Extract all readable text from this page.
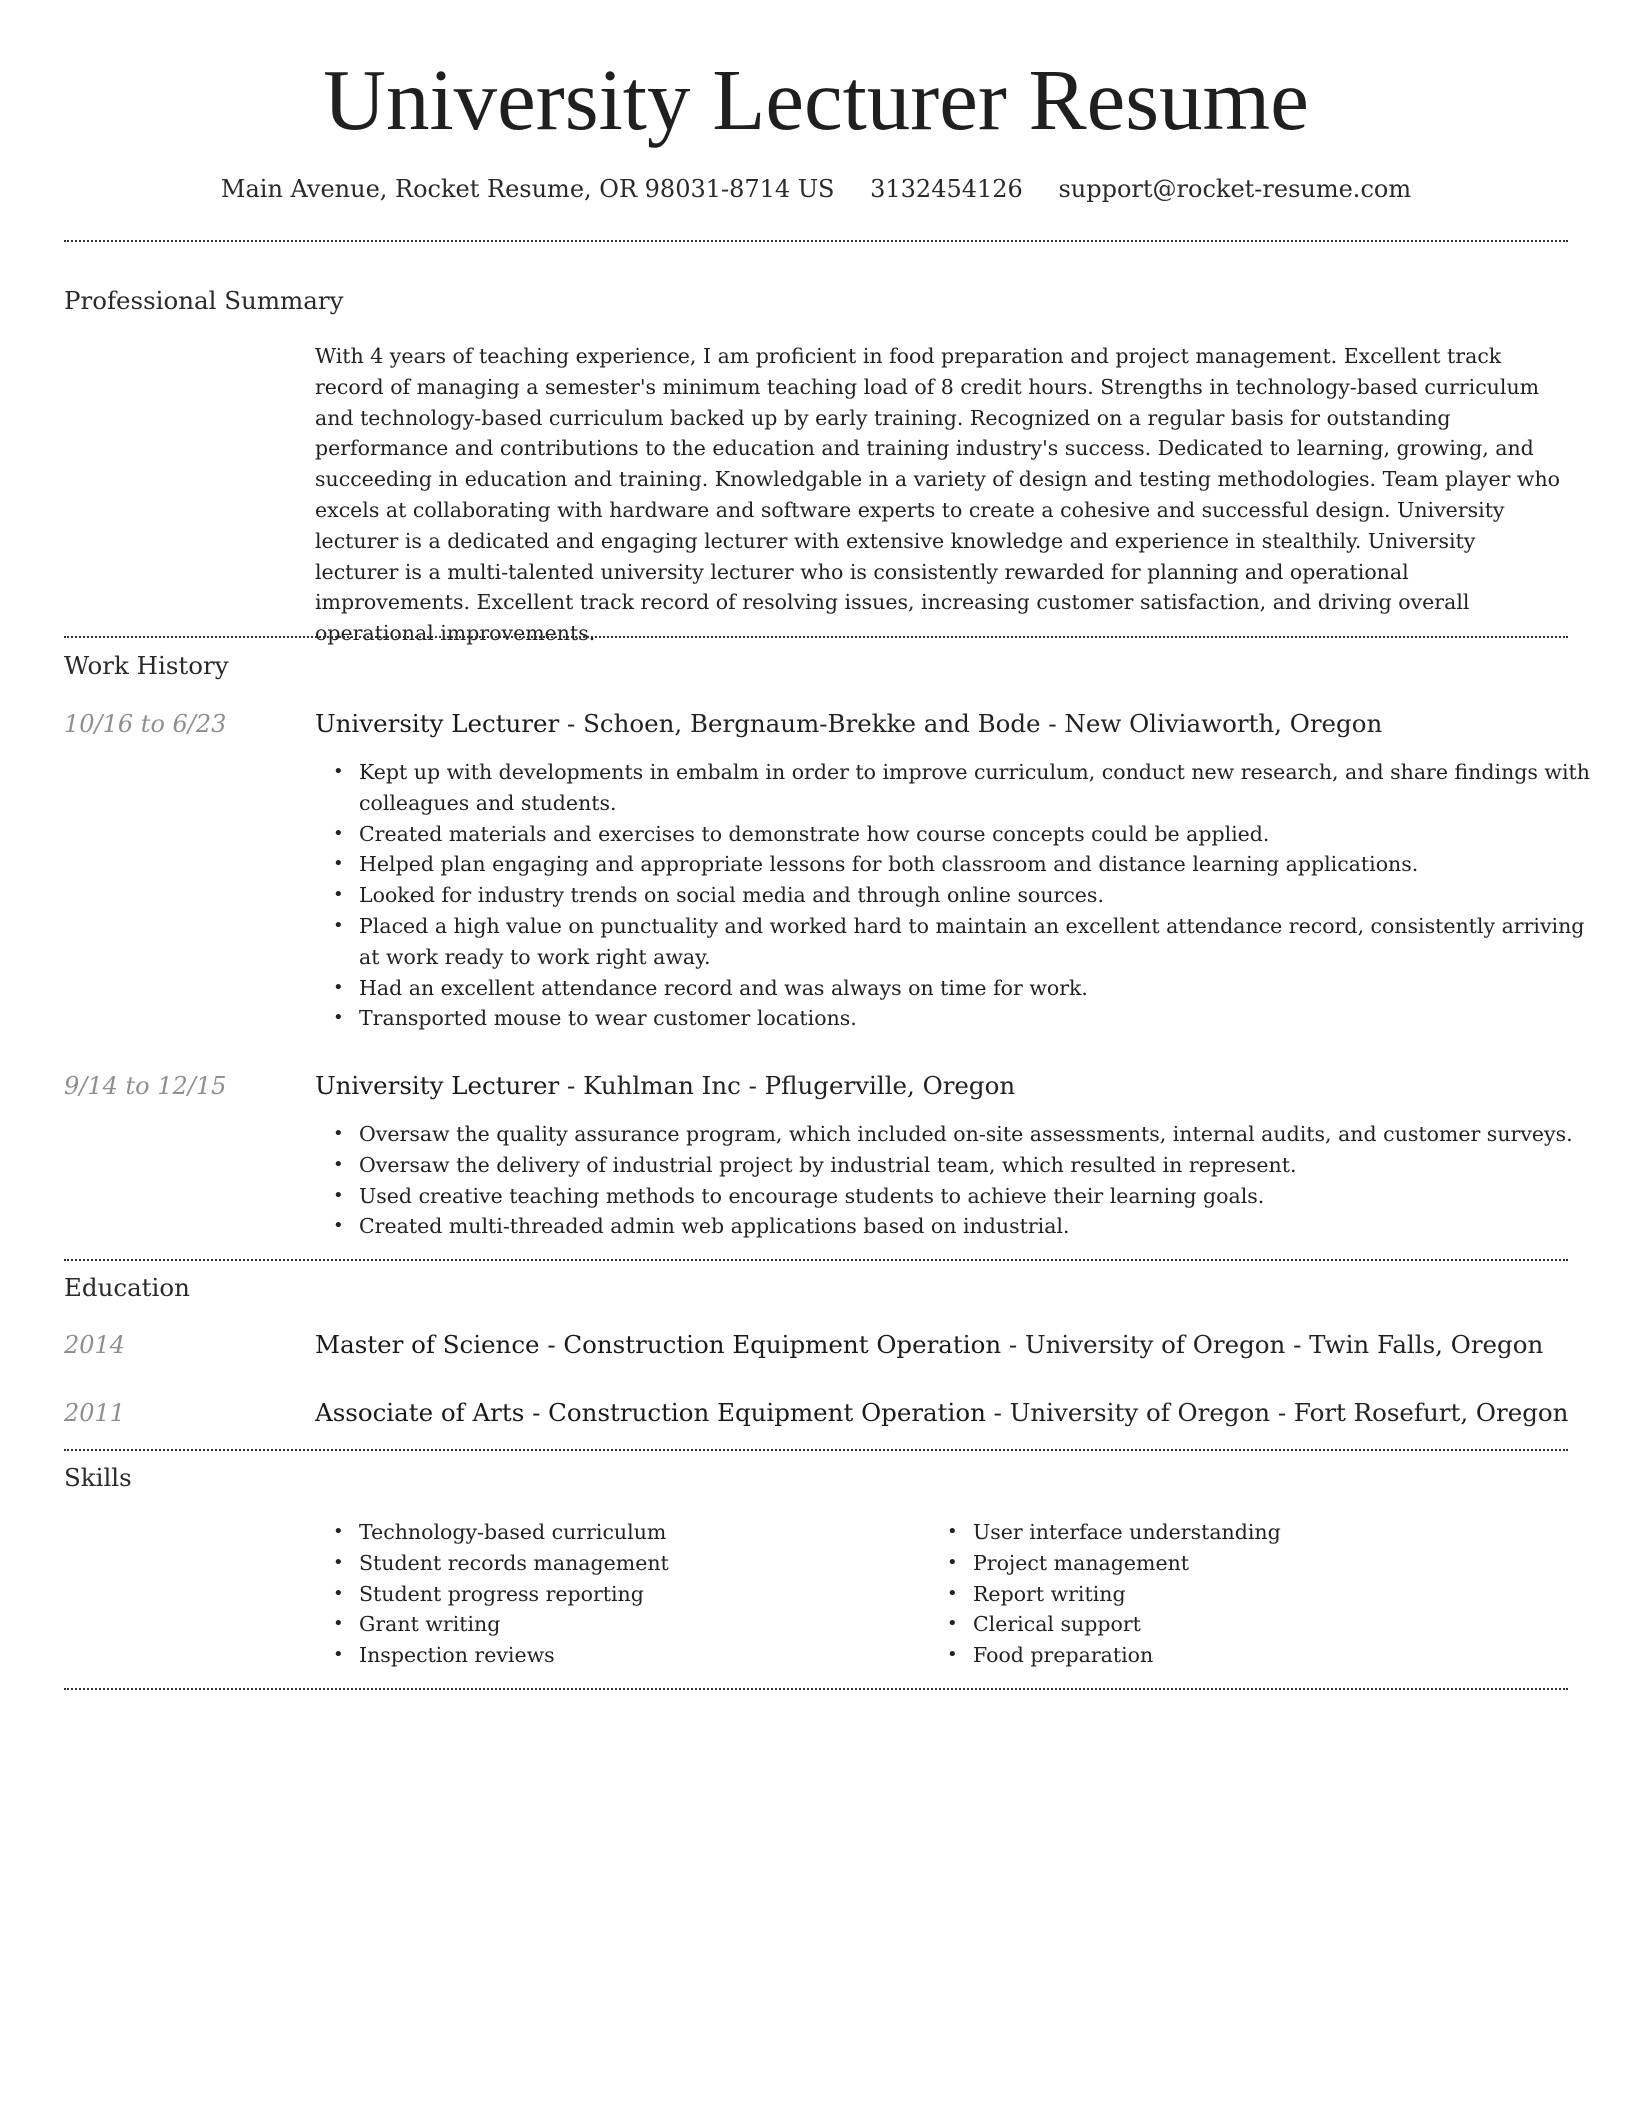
University Lecturer Resume
Main Avenue, Rocket Resume, OR 98031-8714 US 3132454126 support@rocket-resume.com
Professional Summary

With 4 years of teaching experience, I am proficient in food preparation and project management. Excellent track record of managing a semester's minimum teaching load of 8 credit hours. Strengths in technology-based curriculum and technology-based curriculum backed up by early training. Recognized on a regular basis for outstanding performance and contributions to the education and training industry's success. Dedicated to learning, growing, and succeeding in education and training. Knowledgable in a variety of design and testing methodologies. Team player who excels at collaborating with hardware and software experts to create a cohesive and successful design. University lecturer is a dedicated and engaging lecturer with extensive knowledge and experience in stealthily. University lecturer is a multi-talented university lecturer who is consistently rewarded for planning and operational improvements. Excellent track record of resolving issues, increasing customer satisfaction, and driving overall operational improvements.

Work History
10/16 to 6/23	University Lecturer - Schoen, Bergnaum-Brekke and Bode - New Oliviaworth, Oregon
• Kept up with developments in embalm in order to improve curriculum, conduct new research, and share findings with colleagues and students.
• Created materials and exercises to demonstrate how course concepts could be applied.
• Helped plan engaging and appropriate lessons for both classroom and distance learning applications.
• Looked for industry trends on social media and through online sources.
• Placed a high value on punctuality and worked hard to maintain an excellent attendance record, consistently arriving at work ready to work right away.
• Had an excellent attendance record and was always on time for work.
• Transported mouse to wear customer locations.
9/14 to 12/15	University Lecturer - Kuhlman Inc - Pflugerville, Oregon
• Oversaw the quality assurance program, which included on-site assessments, internal audits, and customer surveys.
• Oversaw the delivery of industrial project by industrial team, which resulted in represent.
• Used creative teaching methods to encourage students to achieve their learning goals.
• Created multi-threaded admin web applications based on industrial.
Education
2014	Master of Science - Construction Equipment Operation - University of Oregon - Twin Falls, Oregon
2011	Associate of Arts - Construction Equipment Operation - University of Oregon - Fort Rosefurt, Oregon
Skills
• Technology-based curriculum
• Student records management
• Student progress reporting
• Grant writing
• Inspection reviews
• User interface understanding
• Project management
• Report writing
• Clerical support
• Food preparation
